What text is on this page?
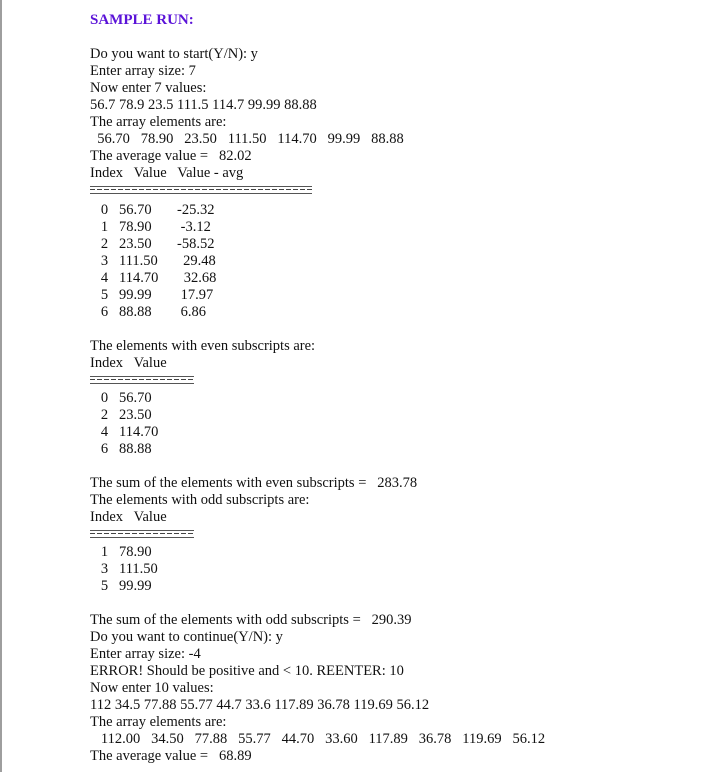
SAMPLE RUN:
Do you want to start(Y/N): y
Enter array size: 7
Now enter 7 values:
56.7 78.9 23.5 111.5 114.7 99.99 88.88
The array elements are:
56.70   78.90   23.50   111.50   114.70   99.99   88.88
The average value =   82.02
Index   Value   Value - avg
0   56.70       -25.32
1   78.90        -3.12
2   23.50       -58.52
3   111.50       29.48
4   114.70       32.68
5   99.99        17.97
6   88.88        6.86
The elements with even subscripts are:
Index   Value
0   56.70
2   23.50
4   114.70
6   88.88
The sum of the elements with even subscripts =   283.78
The elements with odd subscripts are:
Index   Value
1   78.90
3   111.50
5   99.99
The sum of the elements with odd subscripts =   290.39
Do you want to continue(Y/N): y
Enter array size: -4
ERROR! Should be positive and < 10. REENTER: 10
Now enter 10 values:
112 34.5 77.88 55.77 44.7 33.6 117.89 36.78 119.69 56.12
The array elements are:
112.00   34.50   77.88   55.77   44.70   33.60   117.89   36.78   119.69   56.12
The average value =   68.89
